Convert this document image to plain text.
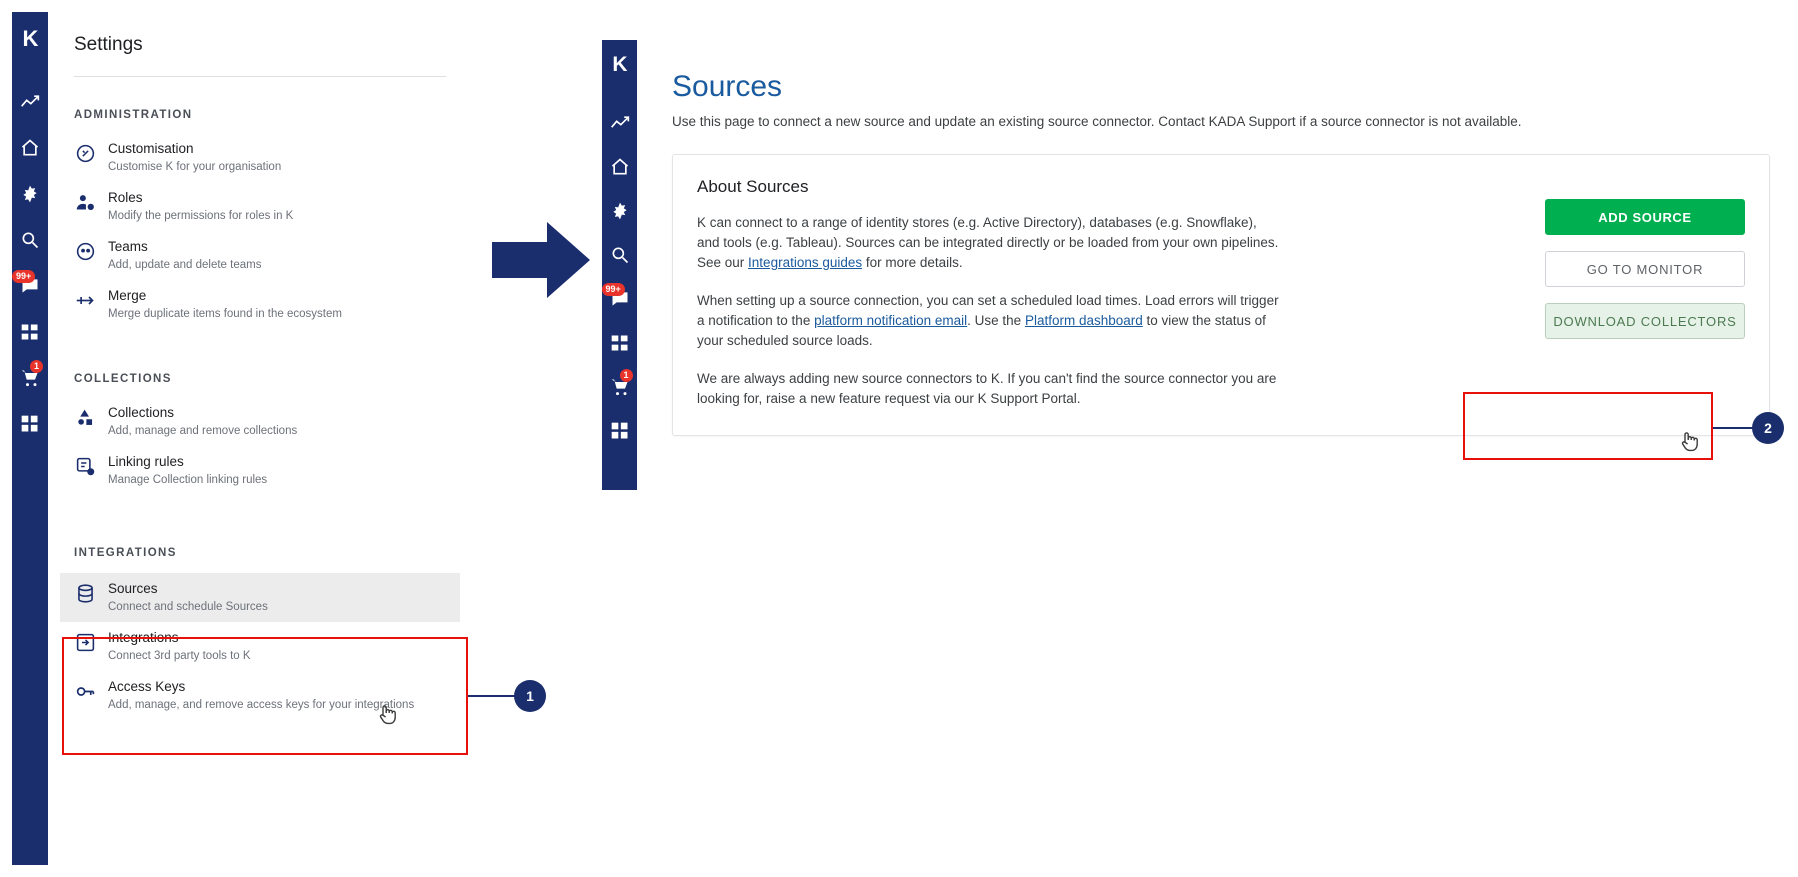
K
99+
1
Settings
ADMINISTRATION
Customisation
Customise K for your organisation
Roles
Modify the permissions for roles in K
Teams
Add, update and delete teams
Merge
Merge duplicate items found in the ecosystem
COLLECTIONS
Collections
Add, manage and remove collections
Linking rules
Manage Collection linking rules
INTEGRATIONS
Sources
Connect and schedule Sources
Integrations
Connect 3rd party tools to K
Access Keys
Add, manage, and remove access keys for your integrations
K
99+
1
Sources
Use this page to connect a new source and update an existing source connector. Contact KADA Support if a source connector is not available.
About Sources

K can connect to a range of identity stores (e.g. Active Directory), databases (e.g. Snowflake), and tools (e.g. Tableau). Sources can be integrated directly or be loaded from your own pipelines. See our Integrations guides for more details.

When setting up a source connection, you can set a scheduled load times. Load errors will trigger a notification to the platform notification email. Use the Platform dashboard to view the status of your scheduled source loads.

We are always adding new source connectors to K. If you can't find the source connector you are looking for, raise a new feature request via our K Support Portal.

ADD SOURCE
GO TO MONITOR
DOWNLOAD COLLECTORS
1
2
